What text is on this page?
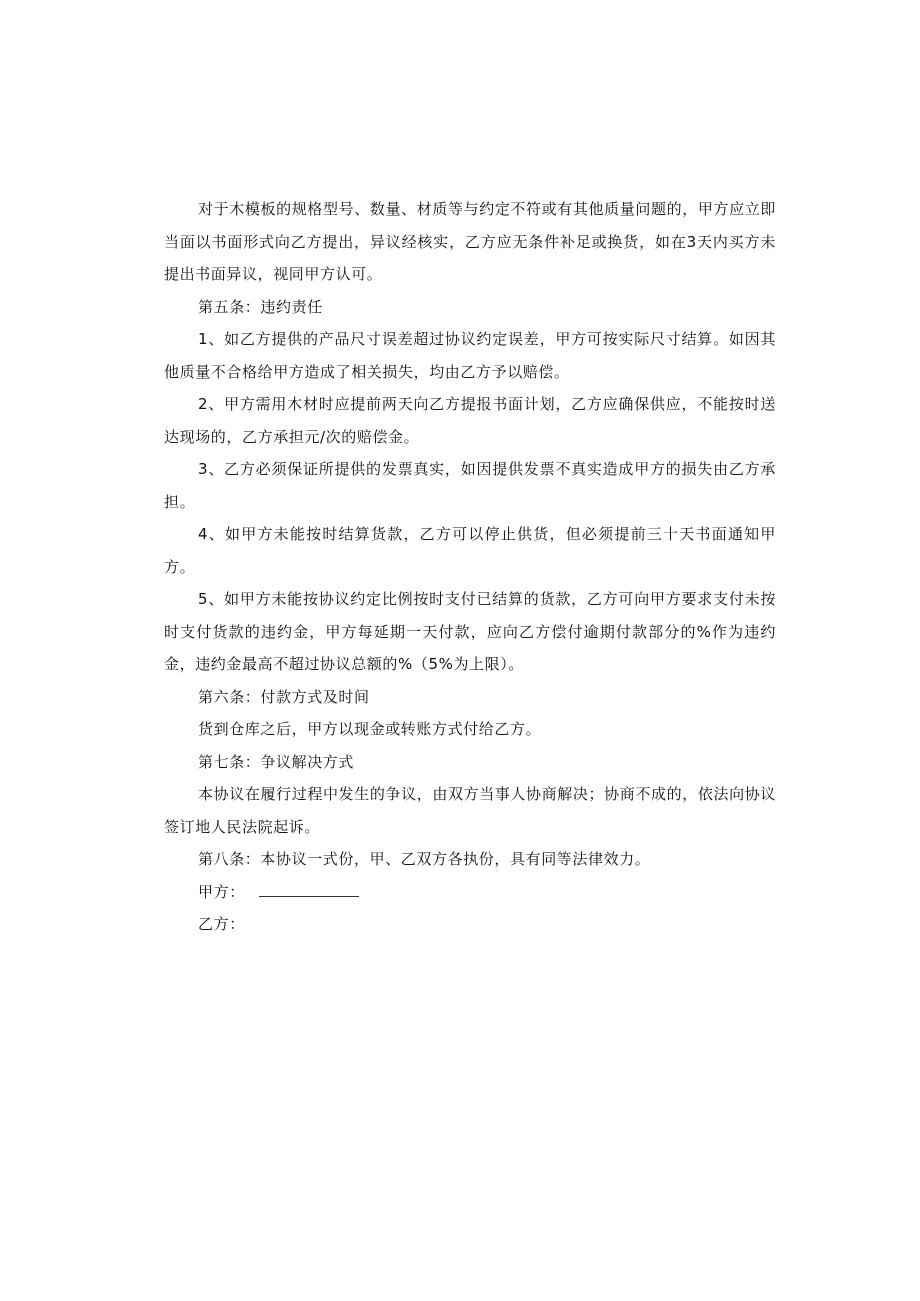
对于木模板的规格型号、数量、材质等与约定不符或有其他质量问题的，甲方应立即当面以书面形式向乙方提出，异议经核实，乙方应无条件补足或换货，如在3天内买方未提出书面异议，视同甲方认可。

第五条：违约责任

1、如乙方提供的产品尺寸误差超过协议约定误差，甲方可按实际尺寸结算。如因其他质量不合格给甲方造成了相关损失，均由乙方予以赔偿。

2、甲方需用木材时应提前两天向乙方提报书面计划，乙方应确保供应，不能按时送达现场的，乙方承担元/次的赔偿金。

3、乙方必须保证所提供的发票真实，如因提供发票不真实造成甲方的损失由乙方承担。

4、如甲方未能按时结算货款，乙方可以停止供货，但必须提前三十天书面通知甲方。

5、如甲方未能按协议约定比例按时支付已结算的货款，乙方可向甲方要求支付未按时支付货款的违约金，甲方每延期一天付款，应向乙方偿付逾期付款部分的%作为违约金，违约金最高不超过协议总额的%（5%为上限）。

第六条：付款方式及时间

货到仓库之后，甲方以现金或转账方式付给乙方。

第七条：争议解决方式

本协议在履行过程中发生的争议，由双方当事人协商解决；协商不成的，依法向协议签订地人民法院起诉。

第八条：本协议一式份，甲、乙双方各执份，具有同等法律效力。

甲方：

乙方：
